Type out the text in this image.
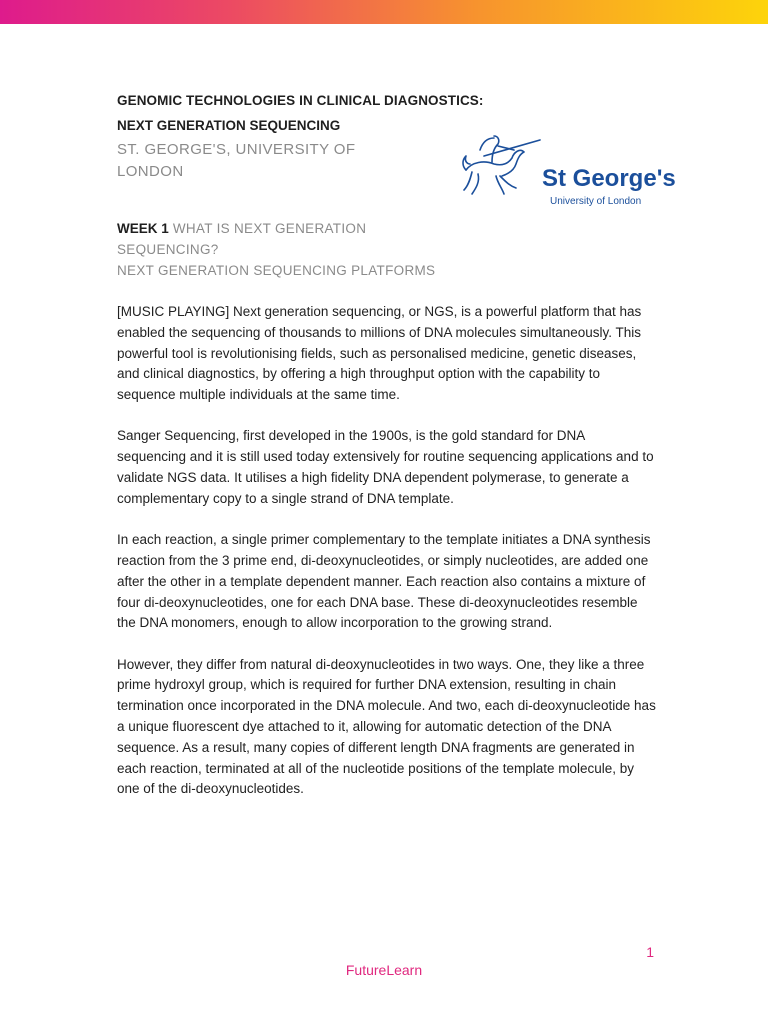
GENOMIC TECHNOLOGIES IN CLINICAL DIAGNOSTICS:
NEXT GENERATION SEQUENCING
ST. GEORGE'S, UNIVERSITY OF LONDON	St George's
University of London
WEEK 1 WHAT IS NEXT GENERATION SEQUENCING?
NEXT GENERATION SEQUENCING PLATFORMS

[MUSIC PLAYING] Next generation sequencing, or NGS, is a powerful platform that has enabled the sequencing of thousands to millions of DNA molecules simultaneously. This powerful tool is revolutionising fields, such as personalised medicine, genetic diseases, and clinical diagnostics, by offering a high throughput option with the capability to sequence multiple individuals at the same time.

Sanger Sequencing, first developed in the 1900s, is the gold standard for DNA sequencing and it is still used today extensively for routine sequencing applications and to validate NGS data. It utilises a high fidelity DNA dependent polymerase, to generate a complementary copy to a single strand of DNA template.

In each reaction, a single primer complementary to the template initiates a DNA synthesis reaction from the 3 prime end, di-deoxynucleotides, or simply nucleotides, are added one after the other in a template dependent manner. Each reaction also contains a mixture of four di-deoxynucleotides, one for each DNA base. These di-deoxynucleotides resemble the DNA monomers, enough to allow incorporation to the growing strand.

However, they differ from natural di-deoxynucleotides in two ways. One, they like a three prime hydroxyl group, which is required for further DNA extension, resulting in chain termination once incorporated in the DNA molecule. And two, each di-deoxynucleotide has a unique fluorescent dye attached to it, allowing for automatic detection of the DNA sequence. As a result, many copies of different length DNA fragments are generated in each reaction, terminated at all of the nucleotide positions of the template molecule, by one of the di-deoxynucleotides.

1
FutureLearn
